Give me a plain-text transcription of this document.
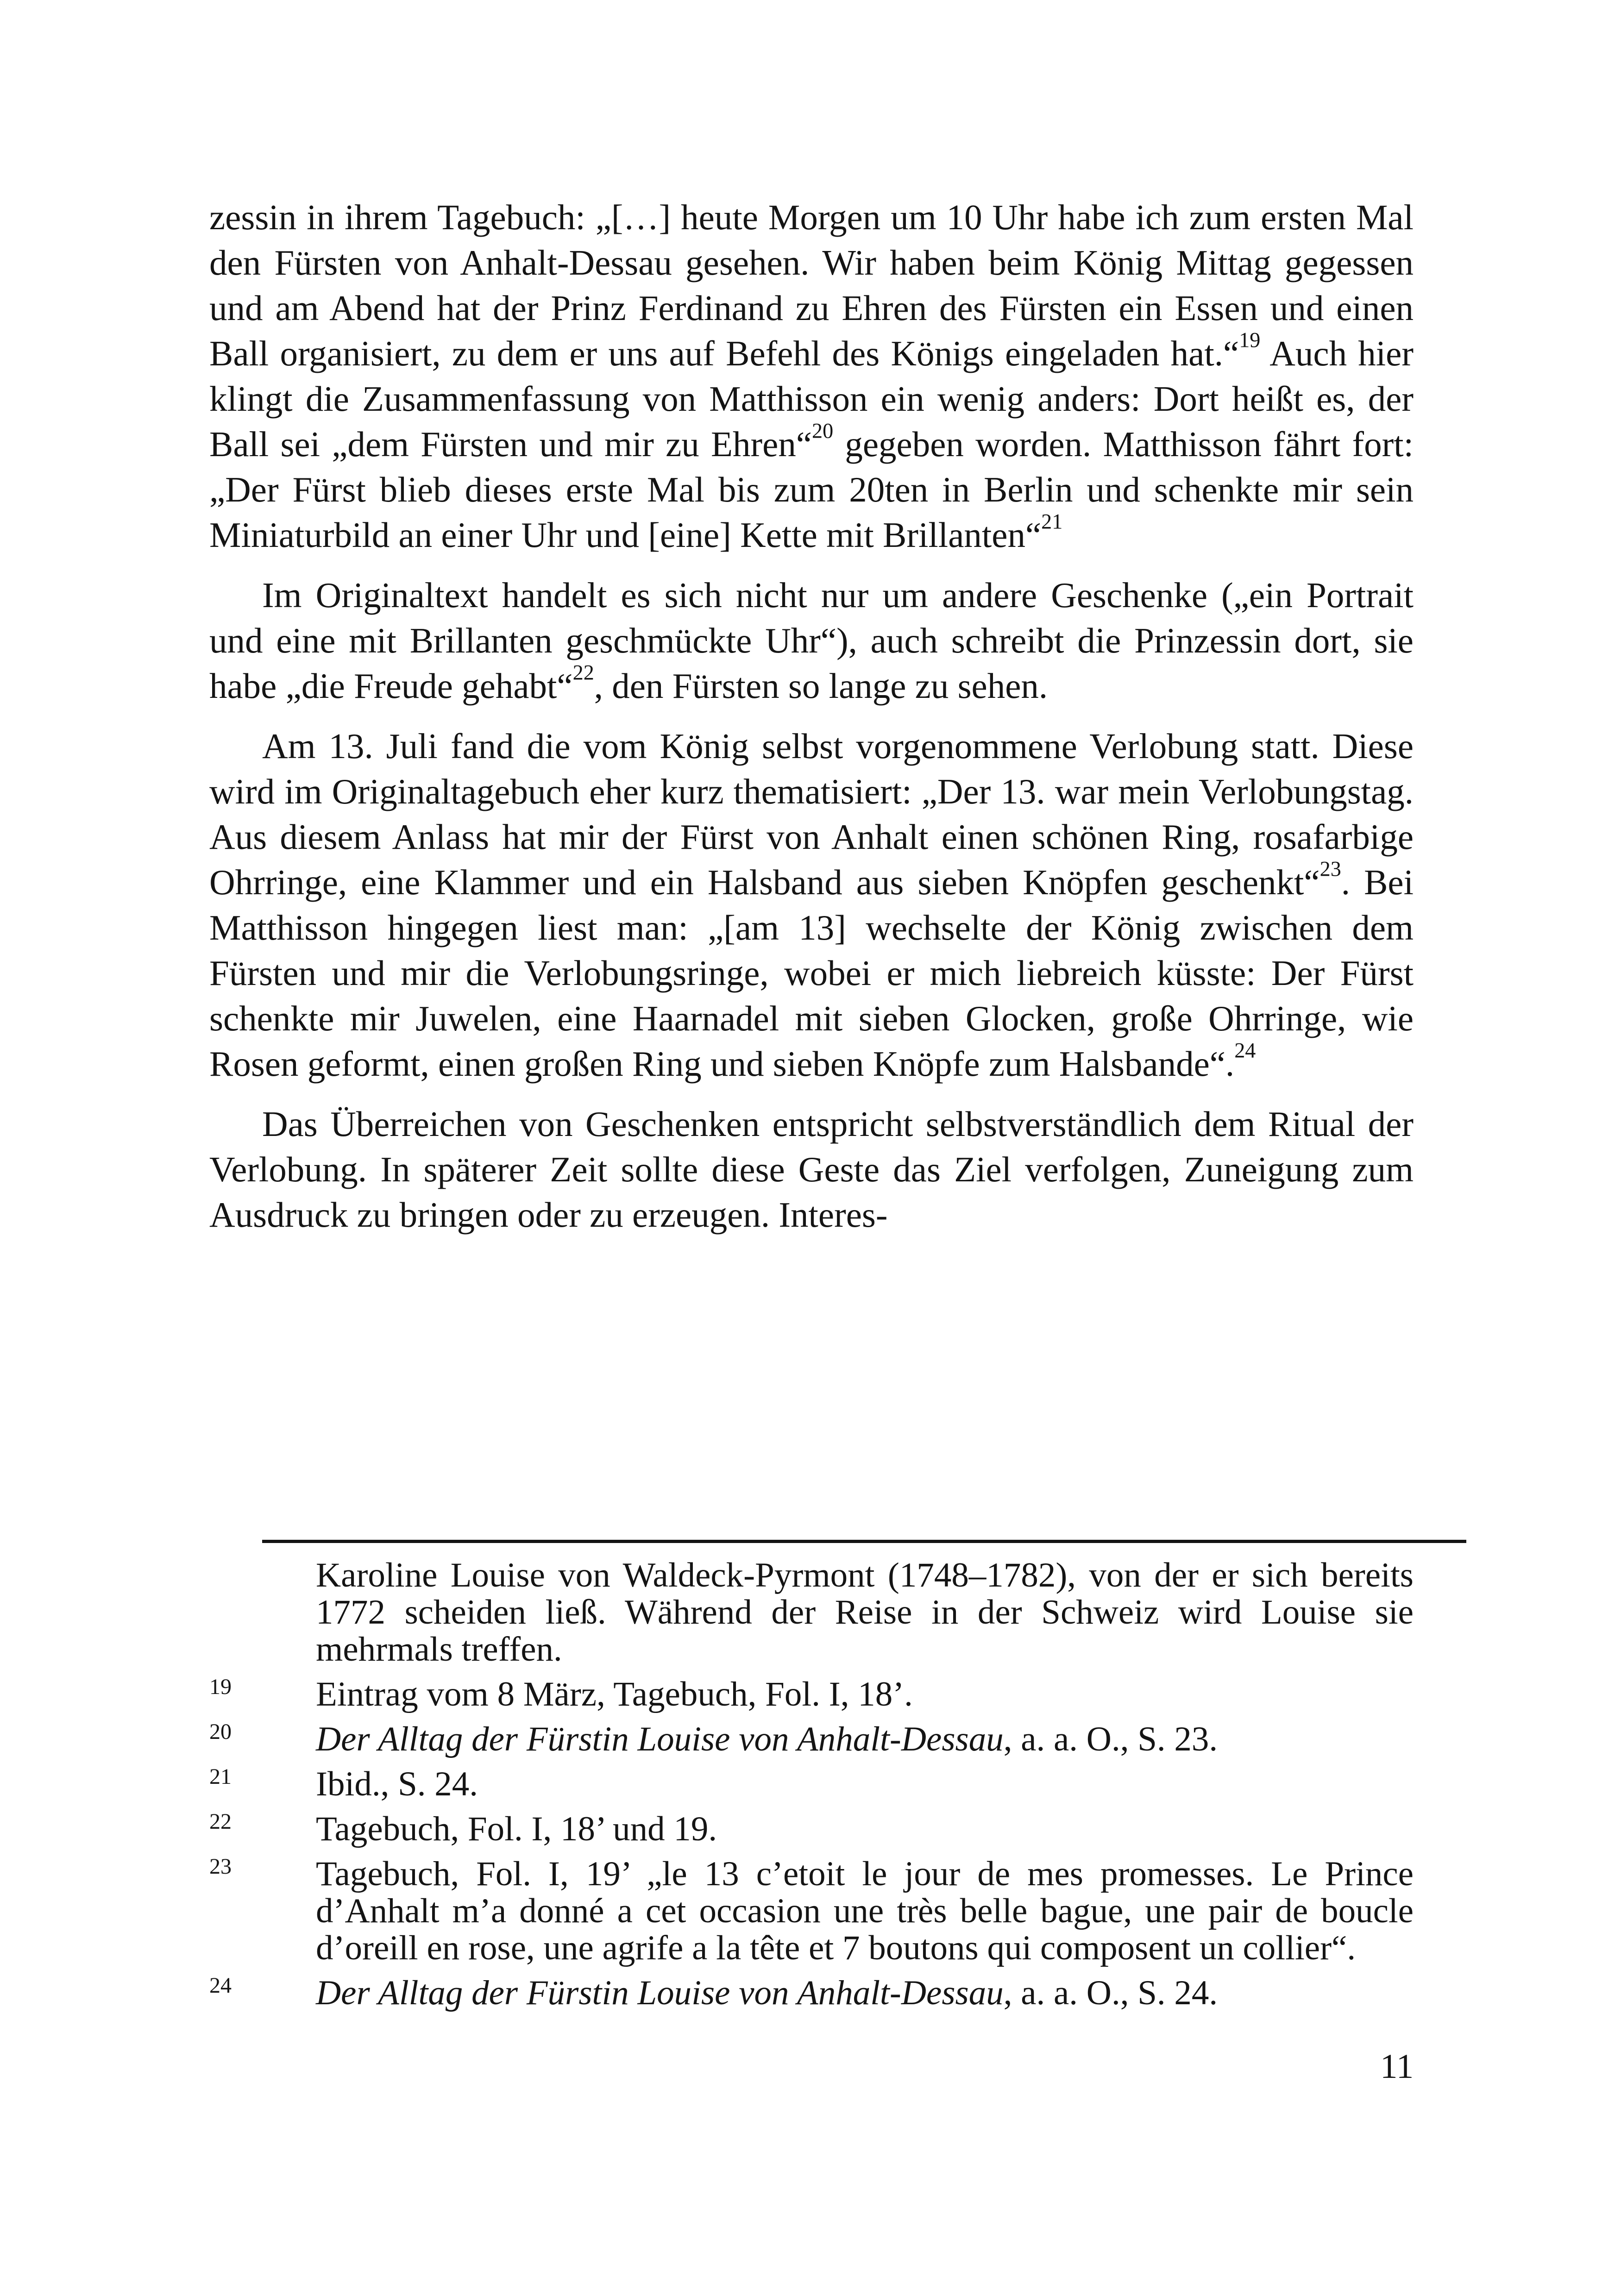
zessin in ihrem Tagebuch: „[…] heute Morgen um 10 Uhr habe ich zum ersten Mal den Fürsten von Anhalt-Dessau gesehen. Wir haben beim König Mittag gegessen und am Abend hat der Prinz Ferdinand zu Ehren des Fürsten ein Essen und einen Ball organisiert, zu dem er uns auf Befehl des Königs eingeladen hat.“$^{19}$ Auch hier klingt die Zusammenfassung von Matthisson ein wenig anders: Dort heißt es, der Ball sei „dem Fürsten und mir zu Ehren“$^{20}$ gegeben worden. Matthisson fährt fort: „Der Fürst blieb dieses erste Mal bis zum 20ten in Berlin und schenkte mir sein Miniaturbild an einer Uhr und [eine] Kette mit Brillanten“$^{21}$

Im Originaltext handelt es sich nicht nur um andere Geschenke („ein Portrait und eine mit Brillanten geschmückte Uhr“), auch schreibt die Prinzessin dort, sie habe „die Freude gehabt“$^{22}$, den Fürsten so lange zu sehen.

Am 13. Juli fand die vom König selbst vorgenommene Verlobung statt. Diese wird im Originaltagebuch eher kurz thematisiert: „Der 13. war mein Verlobungstag. Aus diesem Anlass hat mir der Fürst von Anhalt einen schönen Ring, rosafarbige Ohrringe, eine Klammer und ein Halsband aus sieben Knöpfen geschenkt“$^{23}$. Bei Matthisson hingegen liest man: „[am 13] wechselte der König zwischen dem Fürsten und mir die Verlobungsringe, wobei er mich liebreich küsste: Der Fürst schenkte mir Juwelen, eine Haarnadel mit sieben Glocken, große Ohrringe, wie Rosen geformt, einen großen Ring und sieben Knöpfe zum Halsbande“.$^{24}$

Das Überreichen von Geschenken entspricht selbstverständlich dem Ritual der Verlobung. In späterer Zeit sollte diese Geste das Ziel verfolgen, Zuneigung zum Ausdruck zu bringen oder zu erzeugen. Interes-

Karoline Louise von Waldeck-Pyrmont (1748–1782), von der er sich bereits 1772 scheiden ließ. Während der Reise in der Schweiz wird Louise sie mehrmals treffen.
19 Eintrag vom 8 März, Tagebuch, Fol. I, 18’.
20 Der Alltag der Fürstin Louise von Anhalt-Dessau, a. a. O., S. 23.
21 Ibid., S. 24.
22 Tagebuch, Fol. I, 18’ und 19.
23 Tagebuch, Fol. I, 19’ „le 13 c’etoit le jour de mes promesses. Le Prince d’Anhalt m’a donné a cet occasion une très belle bague, une pair de boucle d’oreill en rose, une agrife a la tête et 7 boutons qui composent un collier“.
24 Der Alltag der Fürstin Louise von Anhalt-Dessau, a. a. O., S. 24.
11
